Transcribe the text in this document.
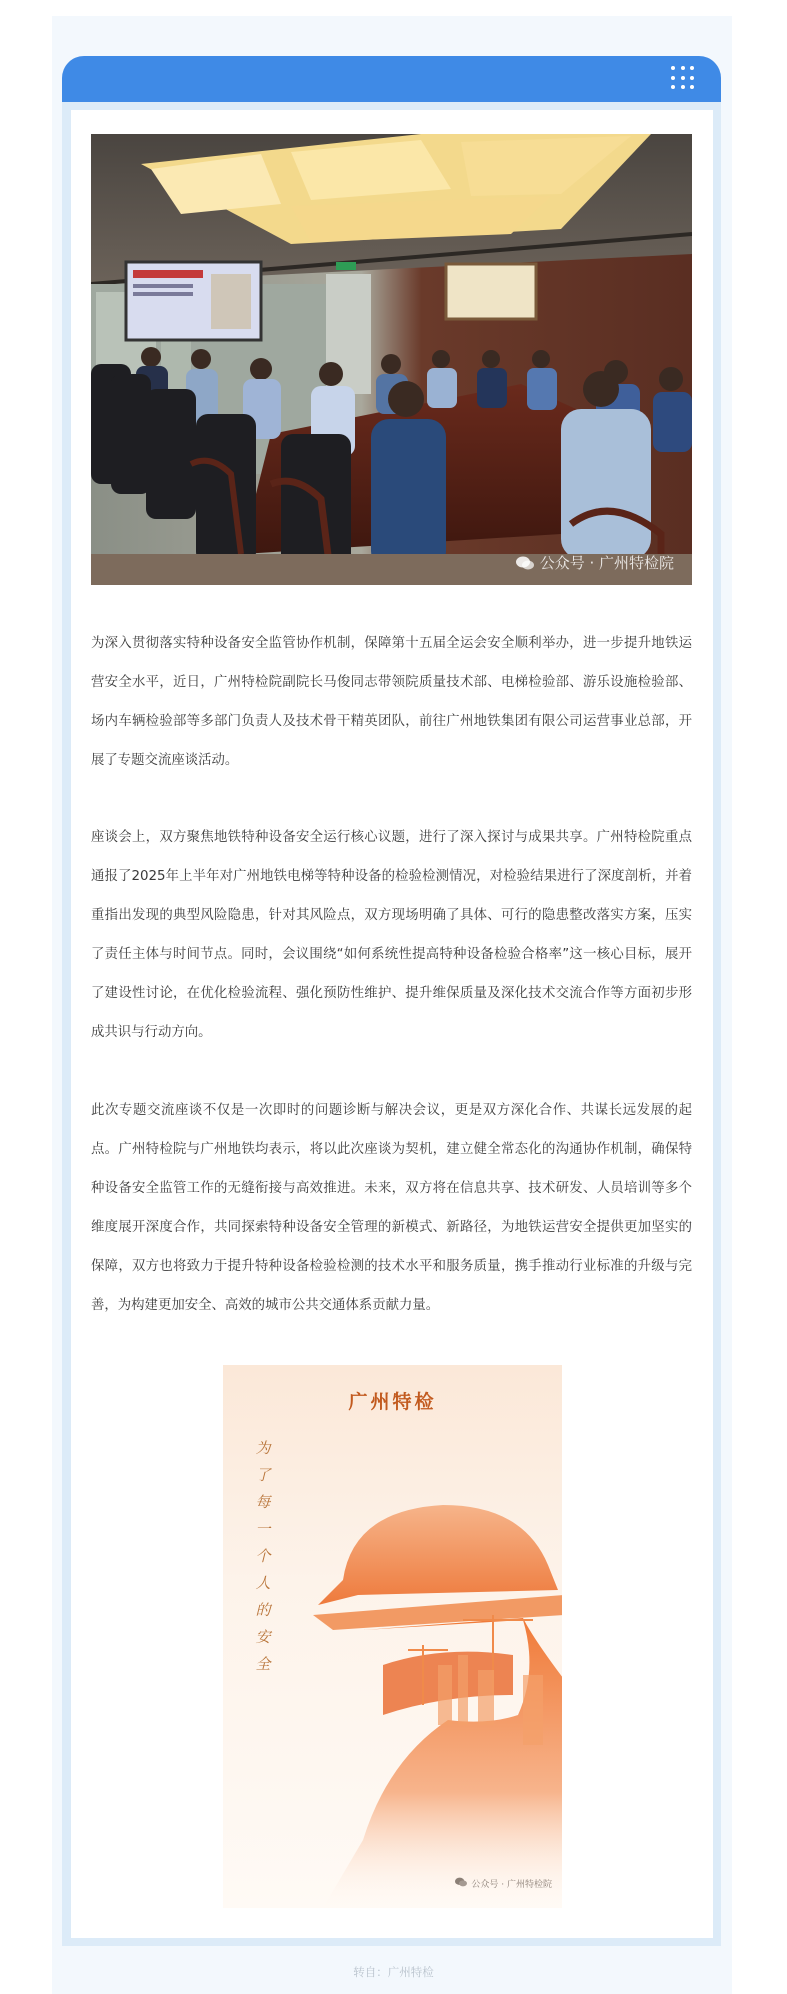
公众号 · 广州特检院

为深入贯彻落实特种设备安全监管协作机制，保障第十五届全运会安全顺利举办，进一步提升地铁运营安全水平，近日，广州特检院副院长马俊同志带领院质量技术部、电梯检验部、游乐设施检验部、场内车辆检验部等多部门负责人及技术骨干精英团队，前往广州地铁集团有限公司运营事业总部，开展了专题交流座谈活动。

座谈会上，双方聚焦地铁特种设备安全运行核心议题，进行了深入探讨与成果共享。广州特检院重点通报了2025年上半年对广州地铁电梯等特种设备的检验检测情况，对检验结果进行了深度剖析，并着重指出发现的典型风险隐患，针对其风险点，双方现场明确了具体、可行的隐患整改落实方案，压实了责任主体与时间节点。同时，会议围绕“如何系统性提高特种设备检验合格率”这一核心目标，展开了建设性讨论，在优化检验流程、强化预防性维护、提升维保质量及深化技术交流合作等方面初步形成共识与行动方向。

此次专题交流座谈不仅是一次即时的问题诊断与解决会议，更是双方深化合作、共谋长远发展的起点。广州特检院与广州地铁均表示，将以此次座谈为契机，建立健全常态化的沟通协作机制，确保特种设备安全监管工作的无缝衔接与高效推进。未来，双方将在信息共享、技术研发、人员培训等多个维度展开深度合作，共同探索特种设备安全管理的新模式、新路径，为地铁运营安全提供更加坚实的保障，双方也将致力于提升特种设备检验检测的技术水平和服务质量，携手推动行业标准的升级与完善，为构建更加安全、高效的城市公共交通体系贡献力量。

广州特检
为了每一个人的安全
公众号 · 广州特检院
转自：广州特检
